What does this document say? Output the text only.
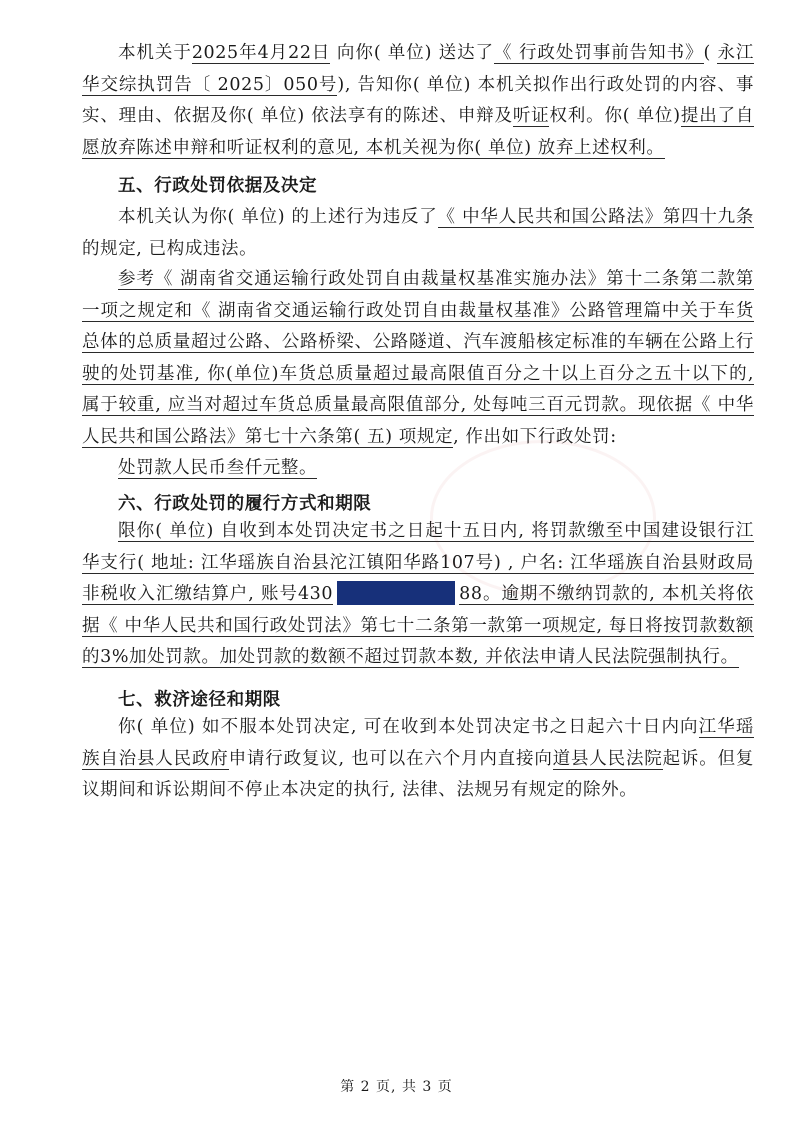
本机关于2025年4月22日 向你( 单位) 送达了《 行政处罚事前告知书》( 永江华交综执罚告〔 2025〕050号), 告知你( 单位) 本机关拟作出行政处罚的内容、事实、理由、依据及你( 单位) 依法享有的陈述、申辩及听证权利。你( 单位)提出了自愿放弃陈述申辩和听证权利的意见, 本机关视为你( 单位) 放弃上述权利。
五、行政处罚依据及决定
本机关认为你( 单位) 的上述行为违反了《 中华人民共和国公路法》第四十九条的规定, 已构成违法。
参考《 湖南省交通运输行政处罚自由裁量权基准实施办法》第十二条第二款第一项之规定和《 湖南省交通运输行政处罚自由裁量权基准》公路管理篇中关于车货总体的总质量超过公路、公路桥梁、公路隧道、汽车渡船核定标准的车辆在公路上行驶的处罚基准, 你(单位)车货总质量超过最高限值百分之十以上百分之五十以下的, 属于较重, 应当对超过车货总质量最高限值部分, 处每吨三百元罚款。现依据《 中华人民共和国公路法》第七十六条第( 五) 项规定, 作出如下行政处罚:
处罚款人民币叁仟元整。
六、行政处罚的履行方式和期限
限你( 单位) 自收到本处罚决定书之日起十五日内, 将罚款缴至中国建设银行江华支行( 地址: 江华瑶族自治县沱江镇阳华路107号) , 户名: 江华瑶族自治县财政局非税收入汇缴结算户, 账号430	88。逾期不缴纳罚款的, 本机关将依据《 中华人民共和国行政处罚法》第七十二条第一款第一项规定, 每日将按罚款数额的3%加处罚款。加处罚款的数额不超过罚款本数, 并依法申请人民法院强制执行。
七、救济途径和期限
你( 单位) 如不服本处罚决定, 可在收到本处罚决定书之日起六十日内向江华瑶族自治县人民政府申请行政复议, 也可以在六个月内直接向道县人民法院起诉。但复议期间和诉讼期间不停止本决定的执行, 法律、法规另有规定的除外。
第 2 页, 共 3 页
